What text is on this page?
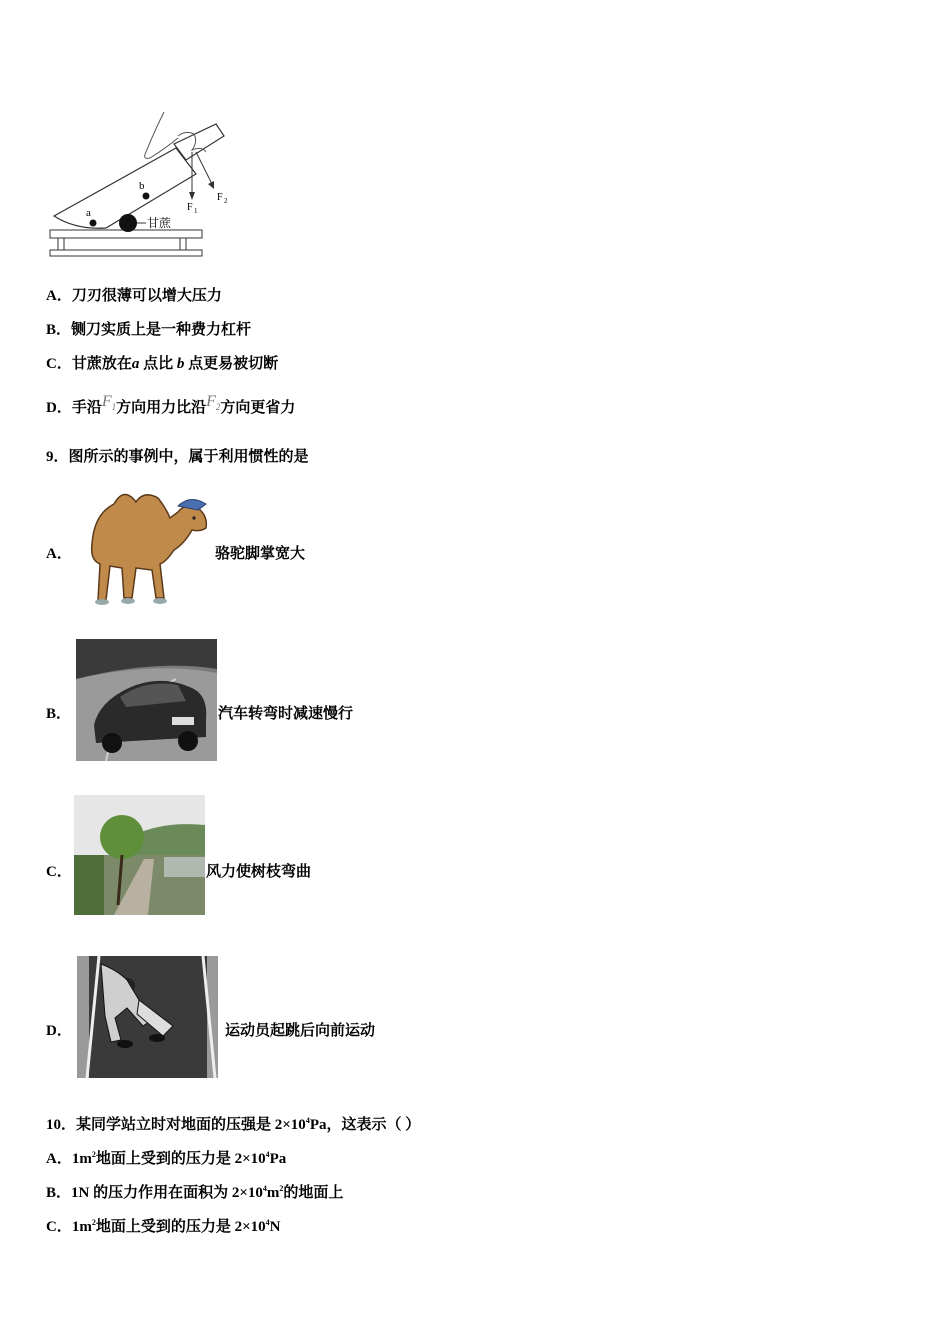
a
b
甘蔗
F 1
F 2
A．刀刃很薄可以增大压力
B．铡刀实质上是一种费力杠杆
C．甘蔗放在a 点比 b 点更易被切断
D．手沿$F_1$方向用力比沿$F_2$方向更省力
9．图所示的事例中，属于利用惯性的是
A．	骆驼脚掌宽大
B．	汽车转弯时减速慢行
C．	风力使树枝弯曲
D．	运动员起跳后向前运动
10．某同学站立时对地面的压强是 $2\times 10^4Pa$，这表示（ ）
A．$1m^2$地面上受到的压力是 $2\times 10^4Pa$
B．1N 的压力作用在面积为 $2\times 10^4m^2$的地面上
C．$1m^2$地面上受到的压力是 $2\times 10^4N$
